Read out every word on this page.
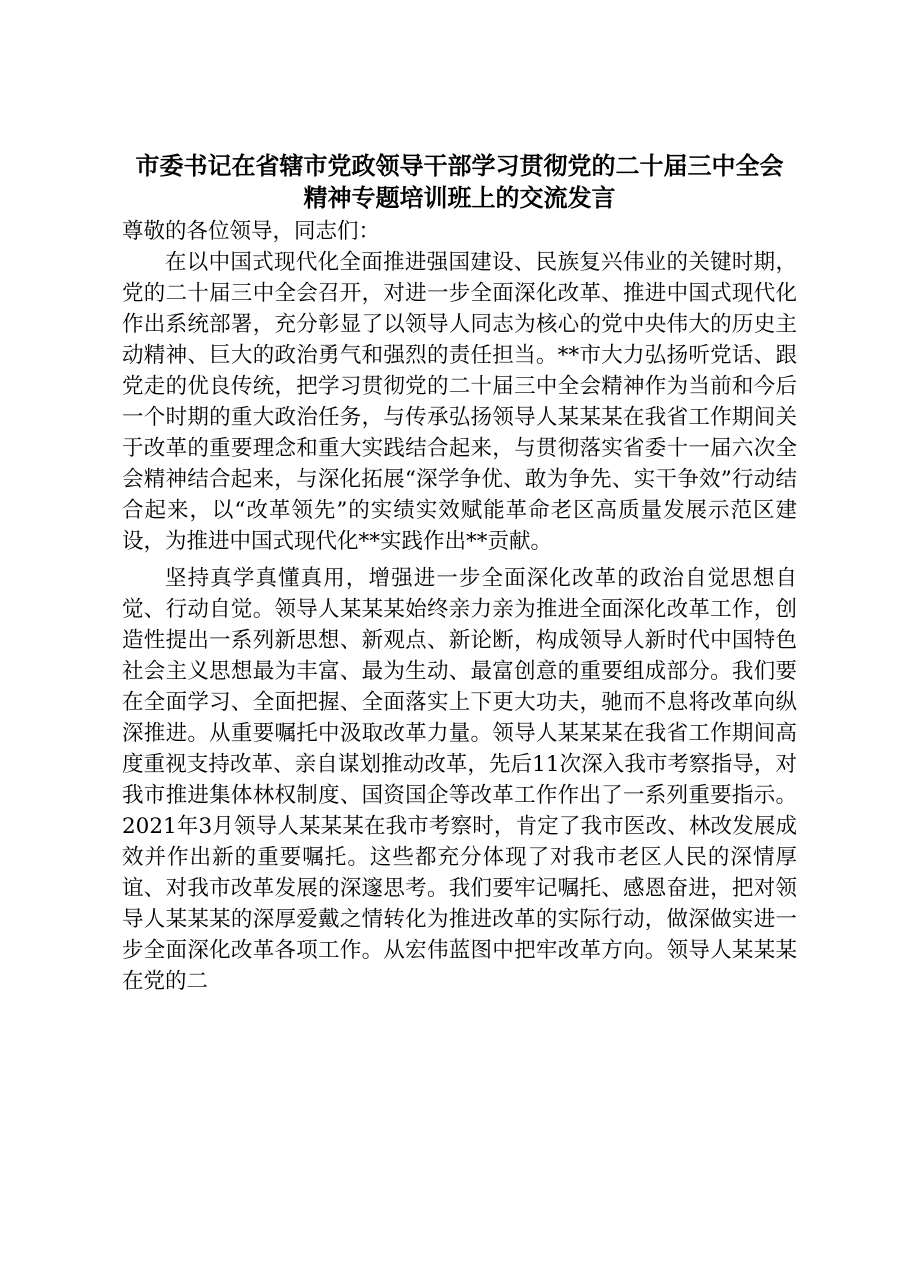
市委书记在省辖市党政领导干部学习贯彻党的二十届三中全会
精神专题培训班上的交流发言

尊敬的各位领导，同志们：

在以中国式现代化全面推进强国建设、民族复兴伟业的关键时期，党的二十届三中全会召开，对进一步全面深化改革、推进中国式现代化作出系统部署，充分彰显了以领导人同志为核心的党中央伟大的历史主动精神、巨大的政治勇气和强烈的责任担当。**市大力弘扬听党话、跟党走的优良传统，把学习贯彻党的二十届三中全会精神作为当前和今后一个时期的重大政治任务，与传承弘扬领导人某某某在我省工作期间关于改革的重要理念和重大实践结合起来，与贯彻落实省委十一届六次全会精神结合起来，与深化拓展“深学争优、敢为争先、实干争效”行动结合起来，以“改革领先”的实绩实效赋能革命老区高质量发展示范区建设，为推进中国式现代化**实践作出**贡献。

坚持真学真懂真用，增强进一步全面深化改革的政治自觉思想自觉、行动自觉。领导人某某某始终亲力亲为推进全面深化改革工作，创造性提出一系列新思想、新观点、新论断，构成领导人新时代中国特色社会主义思想最为丰富、最为生动、最富创意的重要组成部分。我们要在全面学习、全面把握、全面落实上下更大功夫，驰而不息将改革向纵深推进。从重要嘱托中汲取改革力量。领导人某某某在我省工作期间高度重视支持改革、亲自谋划推动改革，先后11次深入我市考察指导，对我市推进集体林权制度、国资国企等改革工作作出了一系列重要指示。2021年3月领导人某某某在我市考察时，肯定了我市医改、林改发展成效并作出新的重要嘱托。这些都充分体现了对我市老区人民的深情厚谊、对我市改革发展的深邃思考。我们要牢记嘱托、感恩奋进，把对领导人某某某的深厚爱戴之情转化为推进改革的实际行动，做深做实进一步全面深化改革各项工作。从宏伟蓝图中把牢改革方向。领导人某某某在党的二
